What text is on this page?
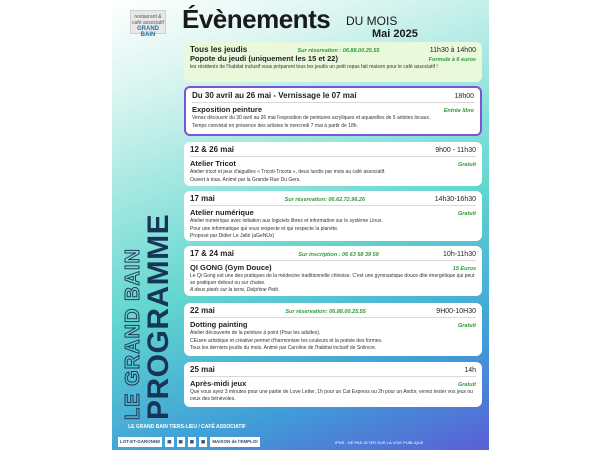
restaurant & café associatif
GRAND BAIN
Évènements DU MOIS
Mai 2025
LE GRAND BAIN
PROGRAMME
Tous les jeudis	Sur réservation : 06.88.00.25.55	11h30 à 14h00
Popote du jeudi (uniquement les 15 et 22)	Formule à 6 euros
les résidents de l'habitat inclusif vous préparent tous les jeudis un petit repas fait maison pour le café associatif !
Du 30 avril au 26 mai - Vernissage le 07 mai	18h00
Exposition peinture	Entrée libre
Venez découvrir du 30 avril au 26 mai l'exposition de peintures acryliques et aquarelles de 5 artistes locaux.
Temps convivial en présence des artistes le mercredi 7 mai à partir de 18h.
12 & 26 mai	9h00 - 11h30
Atelier Tricot	Gratuit
Atelier tricot et jeux d'aiguilles « Tricoti-Tricota », deux lundis par mois au café associatif.
Ouvert à tous. Animé par la Grande Rue Du Gers.
17 mai	Sur réservation: 06.62.72.96.26	14h30-16h30
Atelier numérique	Gratuit
Atelier numérique avec initiation aux logiciels libres et information sur le système Linux.
Pour une informatique qui vous respecte et qui respecte la planète.
Proposé par Didier Le Jallé (aGeNUx)
17 & 24 mai	Sur inscription : 06 63 58 39 59	10h-11h30
QI GONG (Gym Douce)	15 Euros
Le Qi Gong est une des pratiques de la médecine traditionnelle chinoise. C'est une gymnastique douce dite énergétique qui peut se pratiquer debout ou sur chaise.
A deux pieds sur la terre, Delphine Petit.
22 mai	Sur réservation: 06.88.00.25.55	9H00-10H30
Dotting painting	Gratuit
Atelier découverte de la peinture à point (Pour les adultes).
CEuvre artistique et créative permet d'harmoniser les couleurs et la poésie des formes.
Tous les derniers jeudis du mois. Animé par Caroline de l'habitat inclusif de Solincre.
25 mai	14h
Après-midi jeux	Gratuit
Que vous ayez 3 minutes pour une partie de Love Letter, 1h pour un Cat Express ou 2h pour un Andor, venez tester vos jeux ou ceux des bénévoles.
LE GRAND BAIN TIERS-LIEU / CAFÉ ASSOCIATIF
LOT-ET-GARONNE	▣	▣	▣	▣	MAISON de l'EMPLOI	IPNS - NE PAS JETER SUR LA VOIE PUBLIQUE
